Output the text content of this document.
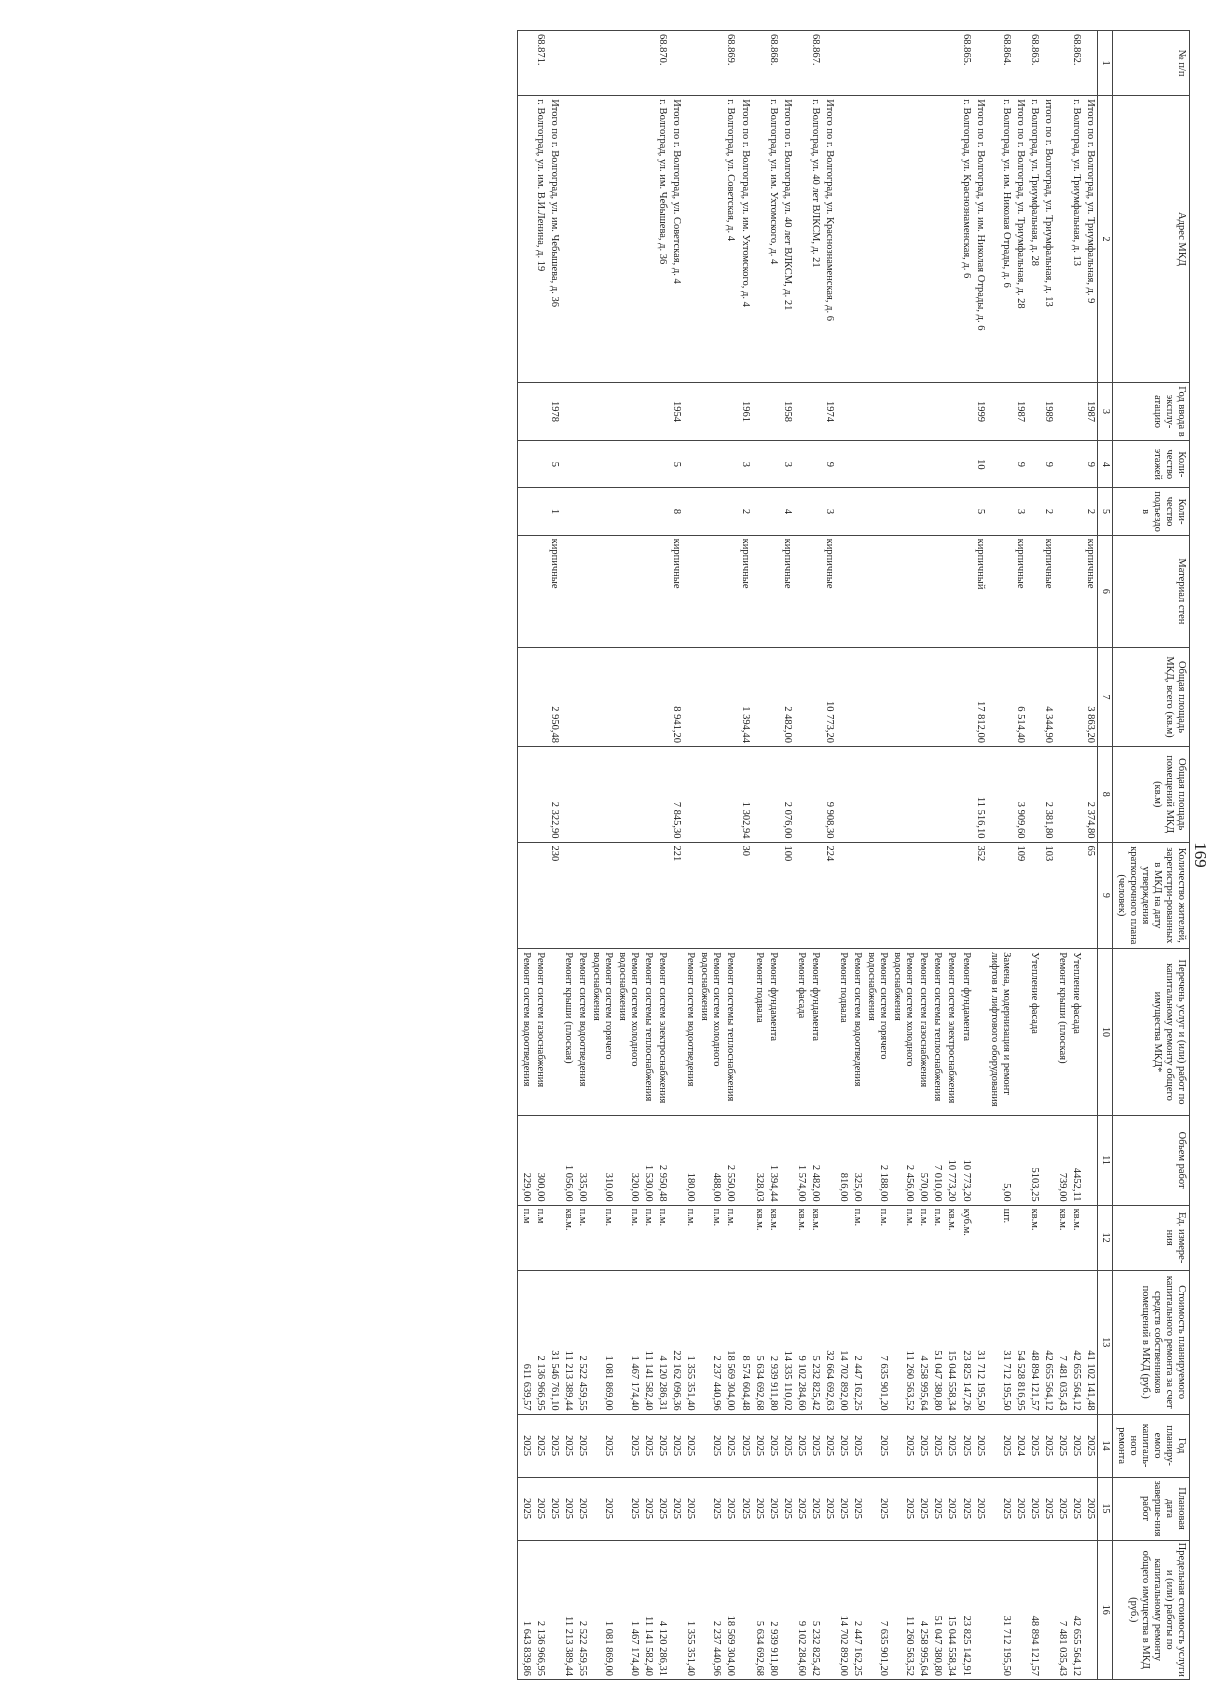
169
№ п/п	Адрес МКД	Год ввода в эксплу-атацию	Коли-чество этажей	Коли-чество подъездо в	Материал стен	Общая площадь МКД, всего (кв.м)	Общая площадь помещений МКД (кв.м)	Количество жителей, зарегистри-рованных в МКД на дату утверждения краткосрочного плана (человек)	Перечень услуг и (или) работ по капитальному ремонту общего имущества МКД*	Объем работ	Ед. измере-ния	Стоимость планируемого капитального ремонта за счет средств собственников помещений в МКД (руб.)	Год планиру-емого капиталь-ного ремонта	Плановая дата заверше-ния работ	Предельная стоимость услуги и (или) работы по капитальному ремонту общего имущества в МКД (руб.)
1	2	3	4	5	6	7	8	9	10	11	12	13	14	15	16
	Итого по г. Волгоград, ул. Триумфальная, д. 9	1987	9	2	кирпичные	3 863,20	2 374,80	65				41 102 141,48	2025	2025	
68.862.	г. Волгоград, ул. Триумфальная, д. 13								Утепление фасада	4452,11	кв.м.	42 655 564,12	2025	2025	42 655 564,12
									Ремонт крыши (плоская)	739,00	кв.м.	7 481 035,43	2025	2025	7 481 035,43
	итого по г. Волгоград, ул. Триумфальная, д. 13	1989	9	2	кирпичные	4 344,90	2 381,80	103				42 655 564,12	2025	2025	
68.863.	г. Волгоград, ул. Триумфальная, д. 28								Утепление фасада	5103,25	кв.м.	48 894 121,57	2025	2025	48 894 121,57
	Итого по г. Волгоград, ул. Триумфальная, д. 28	1987	9	3	кирпичные	6 514,40	3 909,60	109				54 528 816,95	2024	2025	
68.864.	г. Волгоград, ул. им. Николая Отрады, д. 6								Замена, модернизация и ремонт лифтов и лифтового оборудования	5,00	шт.	31 712 195,50	2025	2025	31 712 195,50
	Итого по г. Волгоград, ул. им. Николая Отрады, д. 6	1999	10	5	кирпичный	17 812,00	11 516,10	352				31 712 195,50	2025	2025	
68.865.	г. Волгоград, ул. Краснознаменская, д. 6								Ремонт фундамента	10 773,20	куб.м.	23 825 147,26	2025	2025	23 825 142,91
									Ремонт систем электроснабжения	10 773,20	кв.м.	15 044 558,34	2025	2025	15 044 558,34
									Ремонт системы теплоснабжения	7 010,00	п.м.	51 047 380,80	2025	2025	51 047 380,80
									Ремонт систем газоснабжения	570,00	п.м.	4 258 995,64	2025	2025	4 258 995,64
									Ремонт систем холодного водоснабжения	2 456,00	п.м.	11 260 563,52	2025	2025	11 260 563,52
									Ремонт систем горячего водоснабжения	2 188,00	п.м.	7 635 901,20	2025	2025	7 635 901,20
									Ремонт систем водоотведения	325,00	п.м.	2 447 162,25	2025	2025	2 447 162,25
									Ремонт подвала	816,00		14 702 892,00	2025	2025	14 702 892,00
	Итого по г. Волгоград, ул. Краснознаменская, д. 6	1974	9	3	кирпичные	10 773,20	9 908,30	224				32 664 692,63	2025	2025	
68.867.	г. Волгоград, ул. 40 лет ВЛКСМ, д. 21								Ремонт фундамента	2 482,00	кв.м.	5 232 825,42	2025	2025	5 232 825,42
									Ремонт фасада	1 574,00	кв.м.	9 102 284,60	2025	2025	9 102 284,60
	Итого по г. Волгоград, ул. 40 лет ВЛКСМ, д. 21	1958	3	4	кирпичные	2 482,00	2 076,00	100				14 335 110,02	2025	2025	
68.868.	г. Волгоград, ул. им. Ухтомского, д. 4								Ремонт фундамента	1 394,44	кв.м.	2 939 911,80	2025	2025	2 939 911,80
									Ремонт подвала	328,03	кв.м.	5 634 692,68	2025	2025	5 634 692,68
	Итого по г. Волгоград, ул. им. Ухтомского, д. 4	1961	3	2	кирпичные	1 394,44	1 302,94	30				8 574 604,48	2025	2025	
68.869.	г. Волгоград, ул. Советская, д. 4								Ремонт системы теплоснабжения	2 550,00	п.м.	18 569 304,00	2025	2025	18 569 304,00
									Ремонт систем холодного водоснабжения	488,00	п.м.	2 237 440,96	2025	2025	2 237 440,96
									Ремонт систем водоотведения	180,00	п.м.	1 355 351,40	2025	2025	1 355 351,40
	Итого по г. Волгоград, ул. Советская, д. 4	1954	5	8	кирпичные	8 941,20	7 845,30	221				22 162 096,36	2025	2025	
68.870.	г. Волгоград, ул. им. Чебышева, д. 36								Ремонт систем электроснабжения	2 950,48	п.м.	4 120 286,31	2025	2025	4 120 286,31
									Ремонт системы теплоснабжения	1 530,00	п.м.	11 141 582,40	2025	2025	11 141 582,40
									Ремонт систем холодного водоснабжения	320,00	п.м.	1 467 174,40	2025	2025	1 467 174,40
									Ремонт систем горячего водоснабжения	310,00	п.м.	1 081 869,00	2025	2025	1 081 869,00
									Ремонт систем водоотведения	335,00	п.м.	2 522 459,55	2025	2025	2 522 459,55
									Ремонт крыши (плоская)	1 056,00	кв.м.	11 213 389,44	2025	2025	11 213 389,44
	Итого по г. Волгоград, ул. им. Чебышева, д. 36	1978	5	1	кирпичные	2 950,48	2 322,90	230				31 546 761,10	2025	2025	
68.871.	г. Волгоград, ул. им. В.И.Ленина, д. 19								Ремонт систем газоснабжения	300,00	п.м	2 136 966,95	2025	2025	2 136 966,95
									Ремонт систем водоотведения	229,00	п.м	611 639,57	2025	2025	1 643 839,86
